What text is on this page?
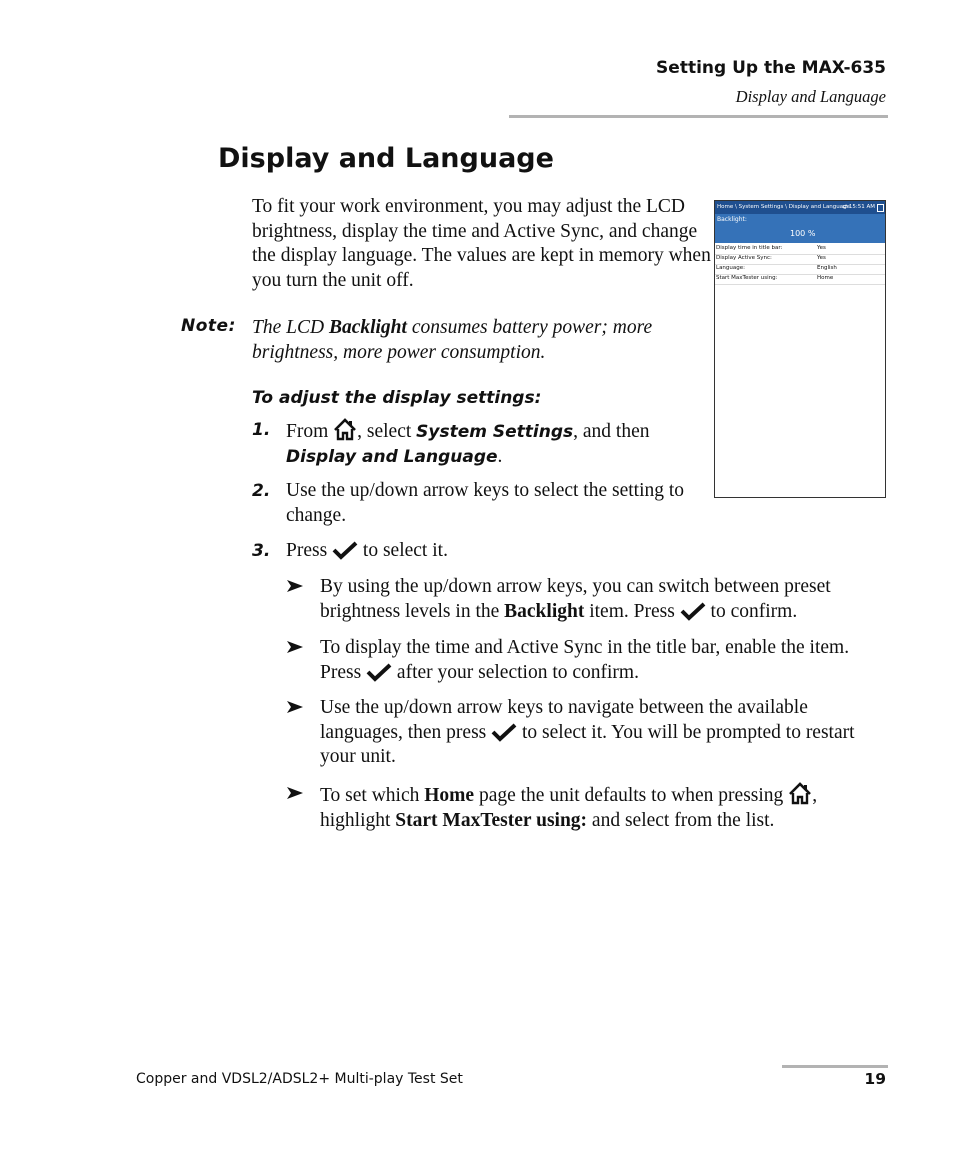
Setting Up the MAX-635
Display and Language
Display and Language
To fit your work environment, you may adjust the LCD brightness, display the time and Active Sync, and change the display language. The values are kept in memory when you turn the unit off.
Home \ System Settings \ Display and Language
⇄ 15:51 AM
Backlight:
100 %
Display time in title bar:	Yes
Display Active Sync:	Yes
Language:	English
Start MaxTester using:	Home
Note: The LCD Backlight consumes battery power; more brightness, more power consumption.
To adjust the display settings:
1. From , select System Settings, and then Display and Language.
2. Use the up/down arrow keys to select the setting to change.
3. Press  to select it.
By using the up/down arrow keys, you can switch between preset brightness levels in the Backlight item. Press  to confirm.
To display the time and Active Sync in the title bar, enable the item. Press  after your selection to confirm.
Use the up/down arrow keys to navigate between the available languages, then press  to select it. You will be prompted to restart your unit.
To set which Home page the unit defaults to when pressing , highlight Start MaxTester using: and select from the list.
Copper and VDSL2/ADSL2+ Multi-play Test Set	19
